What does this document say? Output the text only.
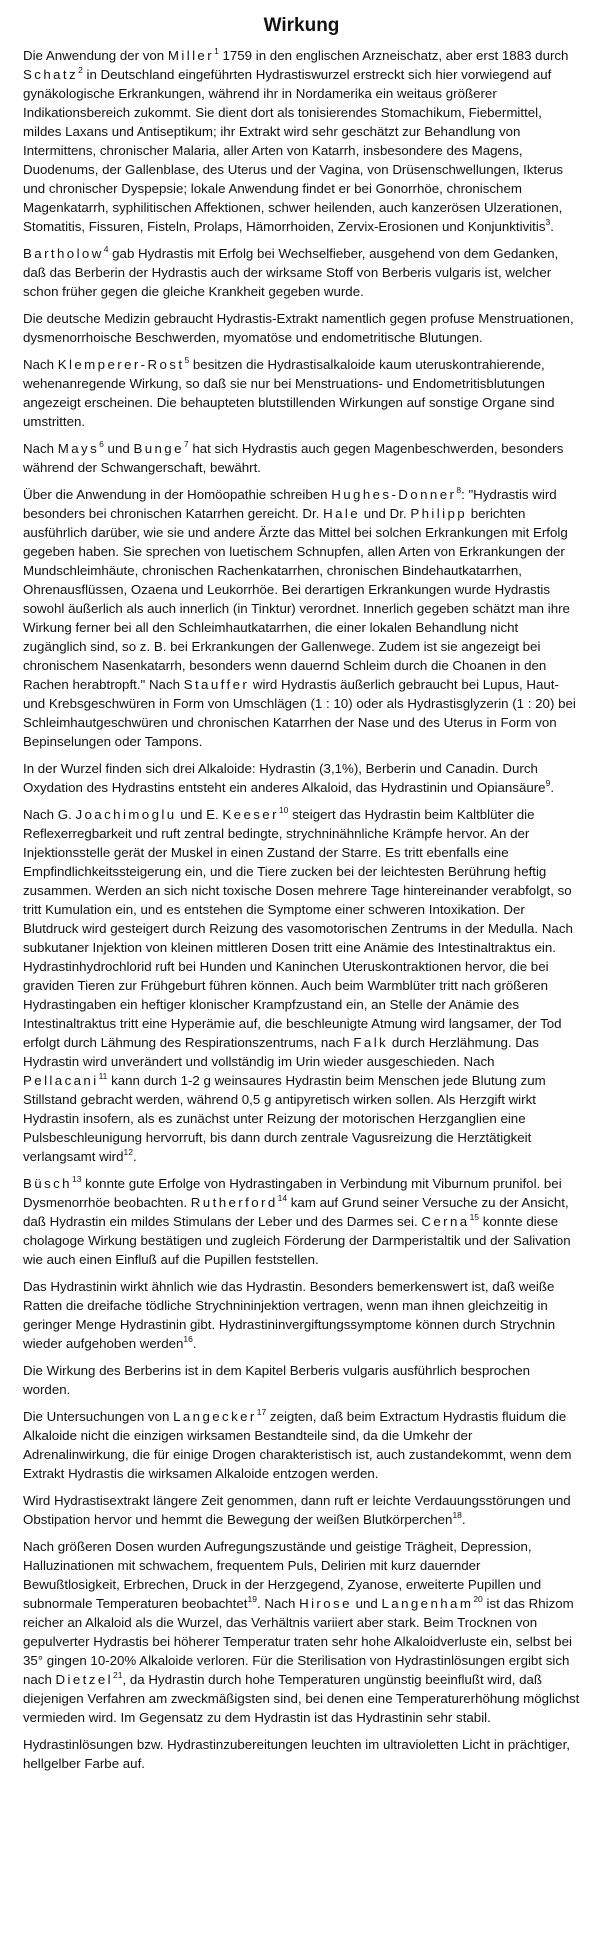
Wirkung

Die Anwendung der von Miller$^1$ 1759 in den englischen Arzneischatz, aber erst 1883 durch Schatz$^2$ in Deutschland eingeführten Hydrastiswurzel erstreckt sich hier vorwiegend auf gynäkologische Erkrankungen, während ihr in Nordamerika ein weitaus größerer Indikationsbereich zukommt. Sie dient dort als tonisierendes Stomachikum, Fiebermittel, mildes Laxans und Antiseptikum; ihr Extrakt wird sehr geschätzt zur Behandlung von Intermittens, chronischer Malaria, aller Arten von Katarrh, insbesondere des Magens, Duodenums, der Gallenblase, des Uterus und der Vagina, von Drüsenschwellungen, Ikterus und chronischer Dyspepsie; lokale Anwendung findet er bei Gonorrhöe, chronischem Magenkatarrh, syphilitischen Affektionen, schwer heilenden, auch kanzerösen Ulzerationen, Stomatitis, Fissuren, Fisteln, Prolaps, Hämorrhoiden, Zervix-Erosionen und Konjunktivitis$^3$.

Bartholow$^4$ gab Hydrastis mit Erfolg bei Wechselfieber, ausgehend von dem Gedanken, daß das Berberin der Hydrastis auch der wirksame Stoff von Berberis vulgaris ist, welcher schon früher gegen die gleiche Krankheit gegeben wurde.

Die deutsche Medizin gebraucht Hydrastis-Extrakt namentlich gegen profuse Menstruationen, dysmenorrhoische Beschwerden, myomatöse und endometritische Blutungen.

Nach Klemperer-Rost$^5$ besitzen die Hydrastisalkaloide kaum uteruskontrahierende, wehenanregende Wirkung, so daß sie nur bei Menstruations- und Endometritisblutungen angezeigt erscheinen. Die behaupteten blutstillenden Wirkungen auf sonstige Organe sind umstritten.

Nach Mays$^6$ und Bunge$^7$ hat sich Hydrastis auch gegen Magenbeschwerden, besonders während der Schwangerschaft, bewährt.

Über die Anwendung in der Homöopathie schreiben Hughes-Donner$^8$: "Hydrastis wird besonders bei chronischen Katarrhen gereicht. Dr. Hale und Dr. Philipp berichten ausführlich darüber, wie sie und andere Ärzte das Mittel bei solchen Erkrankungen mit Erfolg gegeben haben. Sie sprechen von luetischem Schnupfen, allen Arten von Erkrankungen der Mundschleimhäute, chronischen Rachenkatarrhen, chronischen Bindehautkatarrhen, Ohrenausflüssen, Ozaena und Leukorrhöe. Bei derartigen Erkrankungen wurde Hydrastis sowohl äußerlich als auch innerlich (in Tinktur) verordnet. Innerlich gegeben schätzt man ihre Wirkung ferner bei all den Schleimhautkatarrhen, die einer lokalen Behandlung nicht zugänglich sind, so z. B. bei Erkrankungen der Gallenwege. Zudem ist sie angezeigt bei chronischem Nasenkatarrh, besonders wenn dauernd Schleim durch die Choanen in den Rachen herabtropft." Nach Stauffer wird Hydrastis äußerlich gebraucht bei Lupus, Haut- und Krebsgeschwüren in Form von Umschlägen (1 : 10) oder als Hydrastisglyzerin (1 : 20) bei Schleimhautgeschwüren und chronischen Katarrhen der Nase und des Uterus in Form von Bepinselungen oder Tampons.

In der Wurzel finden sich drei Alkaloide: Hydrastin (3,1%), Berberin und Canadin. Durch Oxydation des Hydrastins entsteht ein anderes Alkaloid, das Hydrastinin und Opiansäure$^9$.

Nach G. Joachimoglu und E. Keeser$^{10}$ steigert das Hydrastin beim Kaltblüter die Reflexerregbarkeit und ruft zentral bedingte, strychninähnliche Krämpfe hervor. An der Injektionsstelle gerät der Muskel in einen Zustand der Starre. Es tritt ebenfalls eine Empfindlichkeitssteigerung ein, und die Tiere zucken bei der leichtesten Berührung heftig zusammen. Werden an sich nicht toxische Dosen mehrere Tage hintereinander verabfolgt, so tritt Kumulation ein, und es entstehen die Symptome einer schweren Intoxikation. Der Blutdruck wird gesteigert durch Reizung des vasomotorischen Zentrums in der Medulla. Nach subkutaner Injektion von kleinen mittleren Dosen tritt eine Anämie des Intestinaltraktus ein. Hydrastinhydrochlorid ruft bei Hunden und Kaninchen Uteruskontraktionen hervor, die bei graviden Tieren zur Frühgeburt führen können. Auch beim Warmblüter tritt nach größeren Hydrastingaben ein heftiger klonischer Krampfzustand ein, an Stelle der Anämie des Intestinaltraktus tritt eine Hyperämie auf, die beschleunigte Atmung wird langsamer, der Tod erfolgt durch Lähmung des Respirationszentrums, nach Falk durch Herzlähmung. Das Hydrastin wird unverändert und vollständig im Urin wieder ausgeschieden. Nach Pellacani$^{11}$ kann durch 1-2 g weinsaures Hydrastin beim Menschen jede Blutung zum Stillstand gebracht werden, während 0,5 g antipyretisch wirken sollen. Als Herzgift wirkt Hydrastin insofern, als es zunächst unter Reizung der motorischen Herzganglien eine Pulsbeschleunigung hervorruft, bis dann durch zentrale Vagusreizung die Herztätigkeit verlangsamt wird$^{12}$.

Büsch$^{13}$ konnte gute Erfolge von Hydrastingaben in Verbindung mit Viburnum prunifol. bei Dysmenorrhöe beobachten. Rutherford$^{14}$ kam auf Grund seiner Versuche zu der Ansicht, daß Hydrastin ein mildes Stimulans der Leber und des Darmes sei. Cerna$^{15}$ konnte diese cholagoge Wirkung bestätigen und zugleich Förderung der Darmperistaltik und der Salivation wie auch einen Einfluß auf die Pupillen feststellen.

Das Hydrastinin wirkt ähnlich wie das Hydrastin. Besonders bemerkenswert ist, daß weiße Ratten die dreifache tödliche Strychnininjektion vertragen, wenn man ihnen gleichzeitig in geringer Menge Hydrastinin gibt. Hydrastininvergiftungssymptome können durch Strychnin wieder aufgehoben werden$^{16}$.

Die Wirkung des Berberins ist in dem Kapitel Berberis vulgaris ausführlich besprochen worden.

Die Untersuchungen von Langecker$^{17}$ zeigten, daß beim Extractum Hydrastis fluidum die Alkaloide nicht die einzigen wirksamen Bestandteile sind, da die Umkehr der Adrenalinwirkung, die für einige Drogen charakteristisch ist, auch zustandekommt, wenn dem Extrakt Hydrastis die wirksamen Alkaloide entzogen werden.

Wird Hydrastisextrakt längere Zeit genommen, dann ruft er leichte Verdauungsstörungen und Obstipation hervor und hemmt die Bewegung der weißen Blutkörperchen$^{18}$.

Nach größeren Dosen wurden Aufregungszustände und geistige Trägheit, Depression, Halluzinationen mit schwachem, frequentem Puls, Delirien mit kurz dauernder Bewußtlosigkeit, Erbrechen, Druck in der Herzgegend, Zyanose, erweiterte Pupillen und subnormale Temperaturen beobachtet$^{19}$. Nach Hirose und Langenham$^{20}$ ist das Rhizom reicher an Alkaloid als die Wurzel, das Verhältnis variiert aber stark. Beim Trocknen von gepulverter Hydrastis bei höherer Temperatur traten sehr hohe Alkaloidverluste ein, selbst bei 35° gingen 10-20% Alkaloide verloren. Für die Sterilisation von Hydrastinlösungen ergibt sich nach Dietzel$^{21}$, da Hydrastin durch hohe Temperaturen ungünstig beeinflußt wird, daß diejenigen Verfahren am zweckmäßigsten sind, bei denen eine Temperaturerhöhung möglichst vermieden wird. Im Gegensatz zu dem Hydrastin ist das Hydrastinin sehr stabil.

Hydrastinlösungen bzw. Hydrastinzubereitungen leuchten im ultravioletten Licht in prächtiger, hellgelber Farbe auf.
